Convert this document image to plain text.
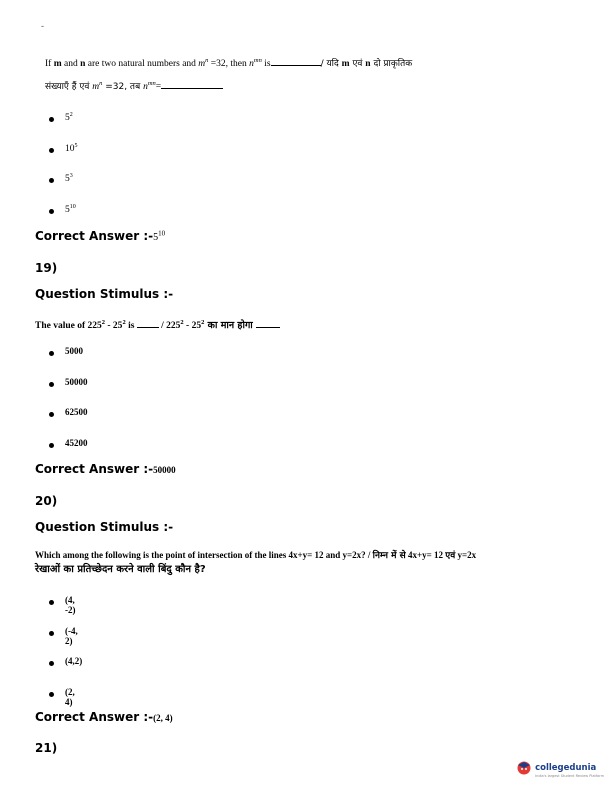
-
If m and n are two natural numbers and $m^n =32$, then $n^{mn}$ is	/ यदि m एवं n दो प्राकृतिक
संख्याएँ हैं एवं $m^n =32$, तब $n^{mn}=$
$5^2$
$10^5$
$5^3$
$5^{10}$
Correct Answer $:-5^{10}$
19)
Question Stimulus :-
The value of $225^2 - 25^2$ is  / $225^2 - 25^2$ का मान होगा
5000
50000
62500
45200
Correct Answer :-50000
20)
Question Stimulus :-
Which among the following is the point of intersection of the lines 4x+y= 12 and y=2x? / निम्न में से 4x+y= 12 एवं y=2x
रेखाओं का प्रतिच्छेदन करने वाली बिंदु कौन है?
(4, -2)
(-4, 2)
(4,2)
(2, 4)
Correct Answer :-(2, 4)
21)
collegedunia
India's largest Student Review Platform
